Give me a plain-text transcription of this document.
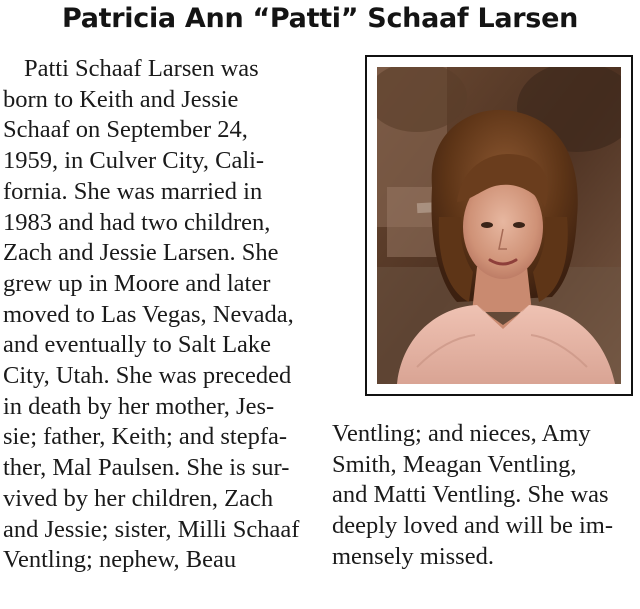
Patricia Ann “Patti” Schaaf Larsen
Patti Schaaf Larsen was
born to Keith and Jessie
Schaaf on September 24,
1959, in Culver City, Cali-
fornia. She was married in
1983 and had two children,
Zach and Jessie Larsen. She
grew up in Moore and later
moved to Las Vegas, Nevada,
and eventually to Salt Lake
City, Utah. She was preceded
in death by her mother, Jes-
sie; father, Keith; and stepfa-
ther, Mal Paulsen. She is sur-
vived by her children, Zach
and Jessie; sister, Milli Schaaf
Ventling; nephew, Beau
Ventling; and nieces, Amy
Smith, Meagan Ventling,
and Matti Ventling. She was
deeply loved and will be im-
mensely missed.
